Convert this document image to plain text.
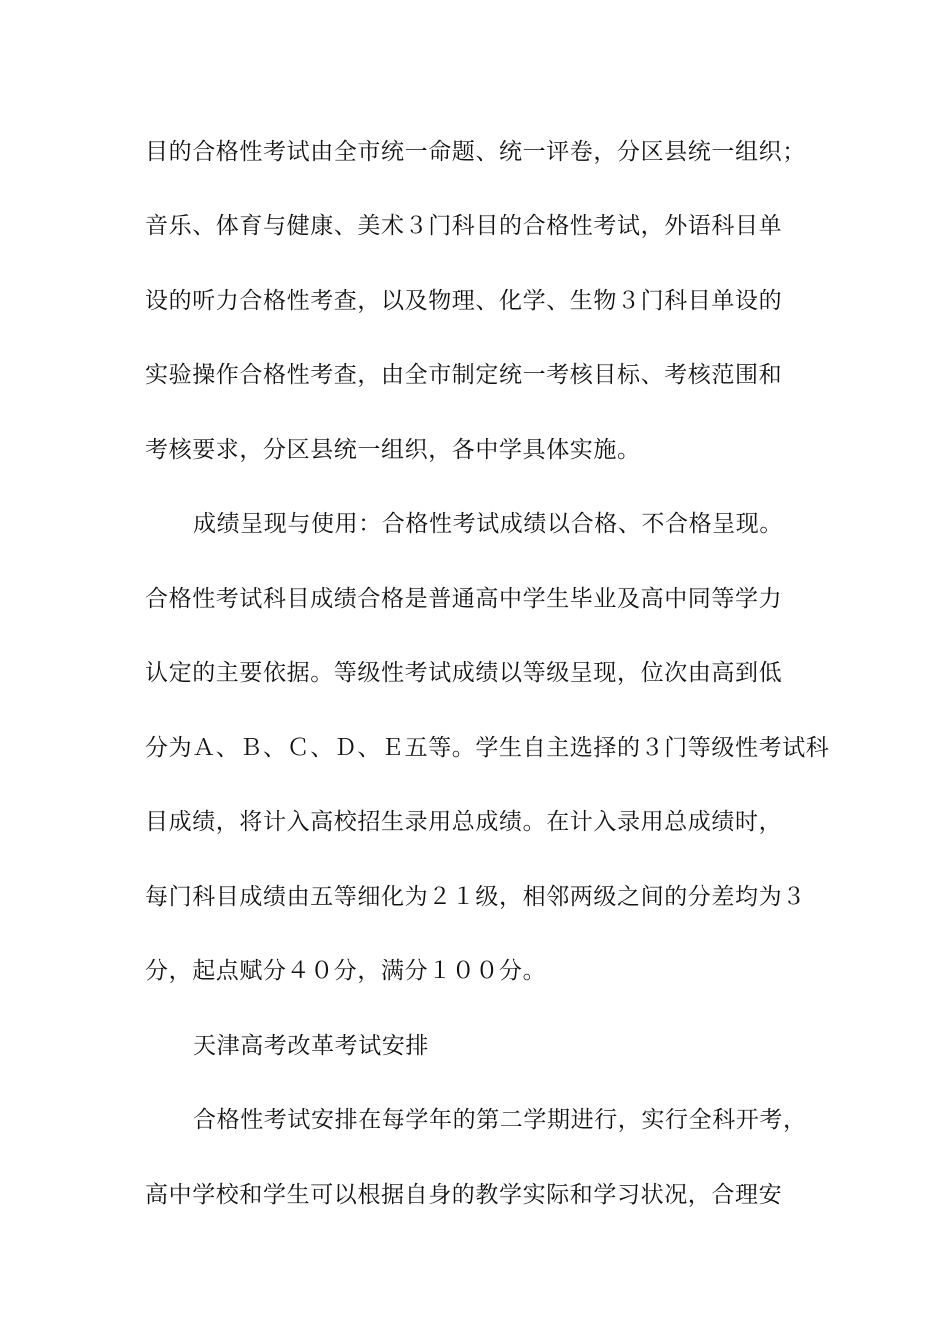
目的合格性考试由全市统一命题、统一评卷，分区县统一组织；
音乐、体育与健康、美术３门科目的合格性考试，外语科目单
设的听力合格性考查，以及物理、化学、生物３门科目单设的
实验操作合格性考查，由全市制定统一考核目标、考核范围和
考核要求，分区县统一组织，各中学具体实施。
成绩呈现与使用：合格性考试成绩以合格、不合格呈现。
合格性考试科目成绩合格是普通高中学生毕业及高中同等学力
认定的主要依据。等级性考试成绩以等级呈现，位次由高到低
分为Ａ、Ｂ、Ｃ、Ｄ、Ｅ五等。学生自主选择的３门等级性考试科
目成绩，将计入高校招生录用总成绩。在计入录用总成绩时，
每门科目成绩由五等细化为２１级，相邻两级之间的分差均为３
分，起点赋分４０分，满分１００分。
天津高考改革考试安排
合格性考试安排在每学年的第二学期进行，实行全科开考，
高中学校和学生可以根据自身的教学实际和学习状况，合理安
